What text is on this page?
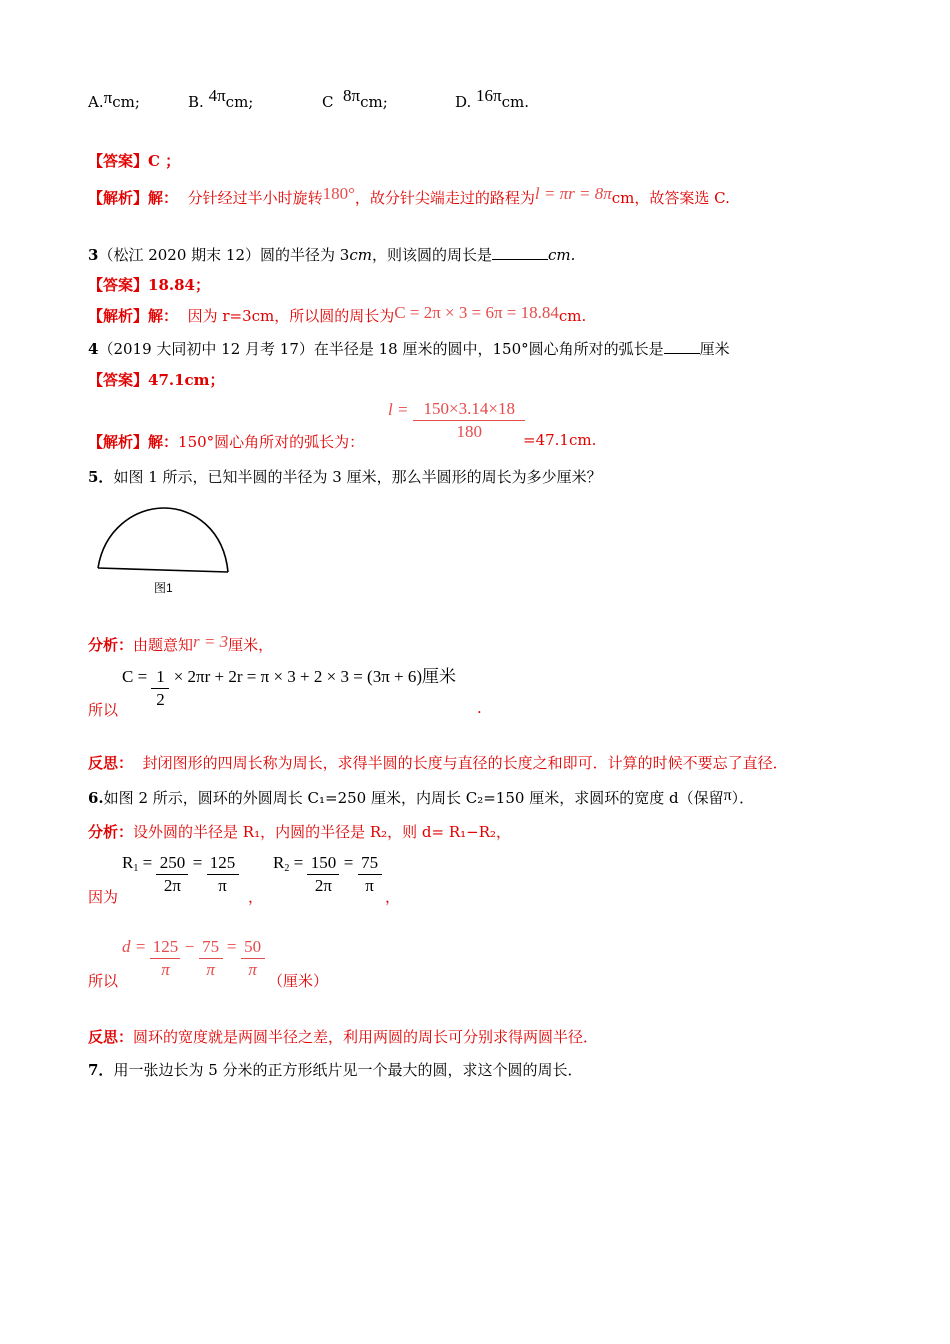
A.πcm;	B. 4πcm;	C 8πcm;	D. 16πcm.
【答案】C ；
【解析】解： 分针经过半小时旋转180°，故分针尖端走过的路程为l = πr = 8πcm，故答案选 C.
3（松江 2020 期末 12）圆的半径为 3cm，则该圆的周长是	cm.
【答案】18.84；
【解析】解： 因为 r=3cm，所以圆的周长为C = 2π × 3 = 6π = 18.84cm.
4（2019 大同初中 12 月考 17）在半径是 18 厘米的圆中，150°圆心角所对的弧长是 厘米
【答案】47.1cm；
【解析】解：150°圆心角所对的弧长为：
$l = \frac{150\times 3.14\times 18}{180}$
=47.1cm.
5．如图 1 所示，已知半圆的半径为 3 厘米，那么半圆形的周长为多少厘米？
图1
分析：由题意知r = 3厘米，
$C = \frac{1}{2} \times 2\pi r + 2r = \pi \times 3 + 2 \times 3 = (3\pi + 6)$厘米
所以	.
反思： 封闭图形的四周长称为周长，求得半圆的长度与直径的长度之和即可．计算的时候不要忘了直径．
6.如图 2 所示，圆环的外圆周长 C₁=250 厘米，内周长 C₂=150 厘米，求圆环的宽度 d（保留π）．
分析：设外圆的半径是 R₁，内圆的半径是 R₂，则 d= R₁−R₂，
$R_1 = \frac{250}{2\pi} = \frac{125}{\pi} R_2 = \frac{150}{2\pi} = \frac{75}{\pi}$
因为	，	，
$d = \frac{125}{\pi} - \frac{75}{\pi} = \frac{50}{\pi}$
所以	（厘米）
反思：圆环的宽度就是两圆半径之差，利用两圆的周长可分别求得两圆半径．
7．用一张边长为 5 分米的正方形纸片见一个最大的圆，求这个圆的周长．
